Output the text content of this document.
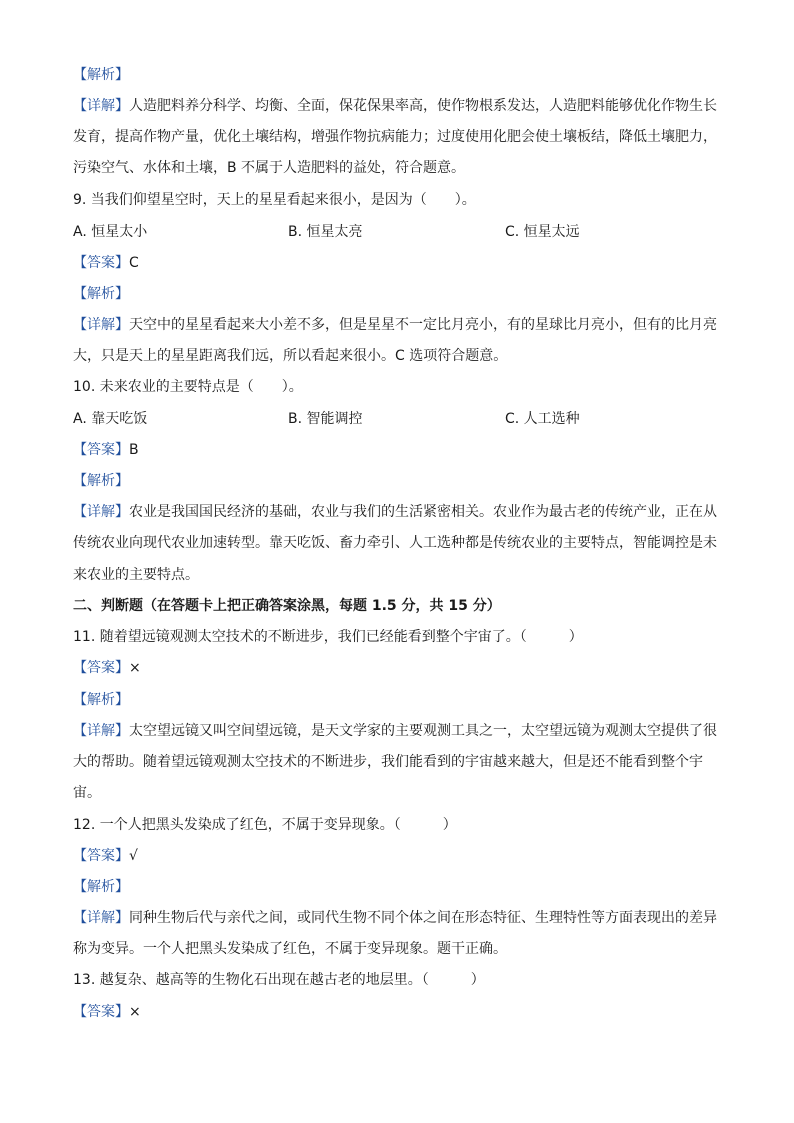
【解析】
【详解】人造肥料养分科学、均衡、全面，保花保果率高，使作物根系发达，人造肥料能够优化作物生长
发育，提高作物产量，优化土壤结构，增强作物抗病能力；过度使用化肥会使土壤板结，降低土壤肥力，
污染空气、水体和土壤，B 不属于人造肥料的益处，符合题意。
9. 当我们仰望星空时，天上的星星看起来很小，是因为（　　）。
A. 恒星太小	B. 恒星太亮	C. 恒星太远
【答案】C
【解析】
【详解】天空中的星星看起来大小差不多，但是星星不一定比月亮小，有的星球比月亮小，但有的比月亮
大，只是天上的星星距离我们远，所以看起来很小。C 选项符合题意。
10. 未来农业的主要特点是（　　）。
A. 靠天吃饭	B. 智能调控	C. 人工选种
【答案】B
【解析】
【详解】农业是我国国民经济的基础，农业与我们的生活紧密相关。农业作为最古老的传统产业，正在从
传统农业向现代农业加速转型。靠天吃饭、畜力牵引、人工选种都是传统农业的主要特点，智能调控是未
来农业的主要特点。
二、判断题（在答题卡上把正确答案涂黑，每题 1.5 分，共 15 分）
11. 随着望远镜观测太空技术的不断进步，我们已经能看到整个宇宙了。（　　　）
【答案】×
【解析】
【详解】太空望远镜又叫空间望远镜，是天文学家的主要观测工具之一，太空望远镜为观测太空提供了很
大的帮助。随着望远镜观测太空技术的不断进步，我们能看到的宇宙越来越大，但是还不能看到整个宇
宙。
12. 一个人把黑头发染成了红色，不属于变异现象。（　　　）
【答案】√
【解析】
【详解】同种生物后代与亲代之间，或同代生物不同个体之间在形态特征、生理特性等方面表现出的差异
称为变异。一个人把黑头发染成了红色，不属于变异现象。题干正确。
13. 越复杂、越高等的生物化石出现在越古老的地层里。（　　　）
【答案】×
